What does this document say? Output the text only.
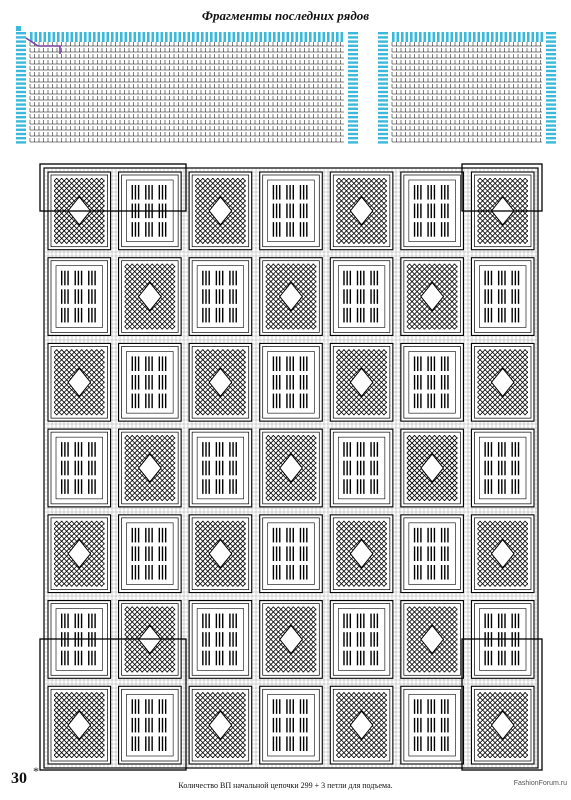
Фрагменты последних рядов
*
30	Количество ВП начальной цепочки 299 + 3 петли для подъема.	FashionForum.ru
